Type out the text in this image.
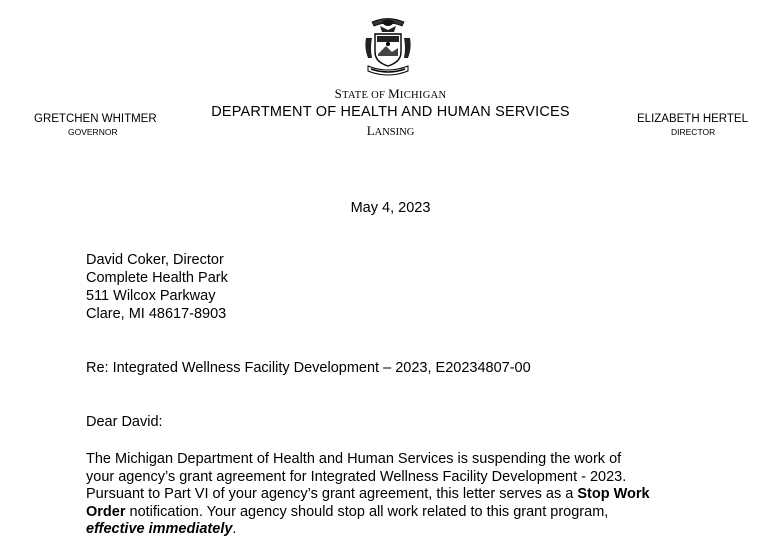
STATE OF MICHIGAN
DEPARTMENT OF HEALTH AND HUMAN SERVICES
LANSING
GRETCHEN WHITMER
GOVERNOR
ELIZABETH HERTEL
DIRECTOR
May 4, 2023
David Coker, Director
Complete Health Park
511 Wilcox Parkway
Clare, MI 48617-8903
Re: Integrated Wellness Facility Development – 2023, E20234807-00
Dear David:
The Michigan Department of Health and Human Services is suspending the work of
your agency’s grant agreement for Integrated Wellness Facility Development - 2023.
Pursuant to Part VI of your agency’s grant agreement, this letter serves as a Stop Work
Order notification. Your agency should stop all work related to this grant program,
effective immediately.
